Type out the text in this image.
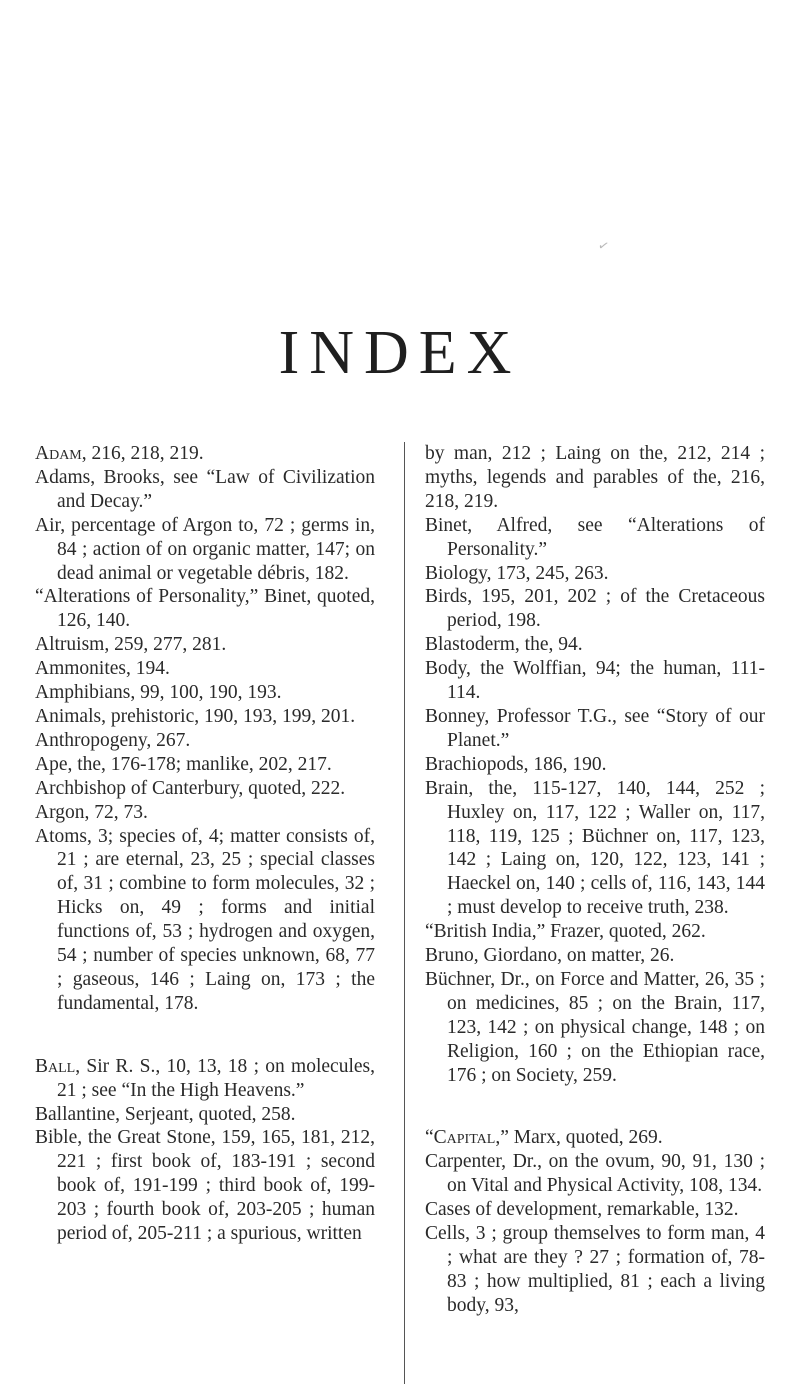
✓
INDEX

Adam, 216, 218, 219.

Adams, Brooks, see “Law of Civilization and Decay.”

Air, percentage of Argon to, 72 ; germs in, 84 ; action of on organic matter, 147; on dead animal or vegetable débris, 182.

“Alterations of Personality,” Binet, quoted, 126, 140.

Altruism, 259, 277, 281.

Ammonites, 194.

Amphibians, 99, 100, 190, 193.

Animals, prehistoric, 190, 193, 199, 201.

Anthropogeny, 267.

Ape, the, 176-178; manlike, 202, 217.

Archbishop of Canterbury, quoted, 222.

Argon, 72, 73.

Atoms, 3; species of, 4; matter consists of, 21 ; are eternal, 23, 25 ; special classes of, 31 ; combine to form molecules, 32 ; Hicks on, 49 ; forms and initial functions of, 53 ; hydrogen and oxygen, 54 ; number of species unknown, 68, 77 ; gaseous, 146 ; Laing on, 173 ; the fundamental, 178.

Ball, Sir R. S., 10, 13, 18 ; on molecules, 21 ; see “In the High Heavens.”

Ballantine, Serjeant, quoted, 258.

Bible, the Great Stone, 159, 165, 181, 212, 221 ; first book of, 183-191 ; second book of, 191-199 ; third book of, 199-203 ; fourth book of, 203-205 ; human period of, 205-211 ; a spurious, written

by man, 212 ; Laing on the, 212, 214 ; myths, legends and parables of the, 216, 218, 219.

Binet, Alfred, see “Alterations of Personality.”

Biology, 173, 245, 263.

Birds, 195, 201, 202 ; of the Cretaceous period, 198.

Blastoderm, the, 94.

Body, the Wolffian, 94; the human, 111-114.

Bonney, Professor T.G., see “Story of our Planet.”

Brachiopods, 186, 190.

Brain, the, 115-127, 140, 144, 252 ; Huxley on, 117, 122 ; Waller on, 117, 118, 119, 125 ; Büchner on, 117, 123, 142 ; Laing on, 120, 122, 123, 141 ; Haeckel on, 140 ; cells of, 116, 143, 144 ; must develop to receive truth, 238.

“British India,” Frazer, quoted, 262.

Bruno, Giordano, on matter, 26.

Büchner, Dr., on Force and Matter, 26, 35 ; on medicines, 85 ; on the Brain, 117, 123, 142 ; on physical change, 148 ; on Religion, 160 ; on the Ethiopian race, 176 ; on Society, 259.

“Capital,” Marx, quoted, 269.

Carpenter, Dr., on the ovum, 90, 91, 130 ; on Vital and Physical Activity, 108, 134.

Cases of development, remarkable, 132.

Cells, 3 ; group themselves to form man, 4 ; what are they ? 27 ; formation of, 78-83 ; how multiplied, 81 ; each a living body, 93,
